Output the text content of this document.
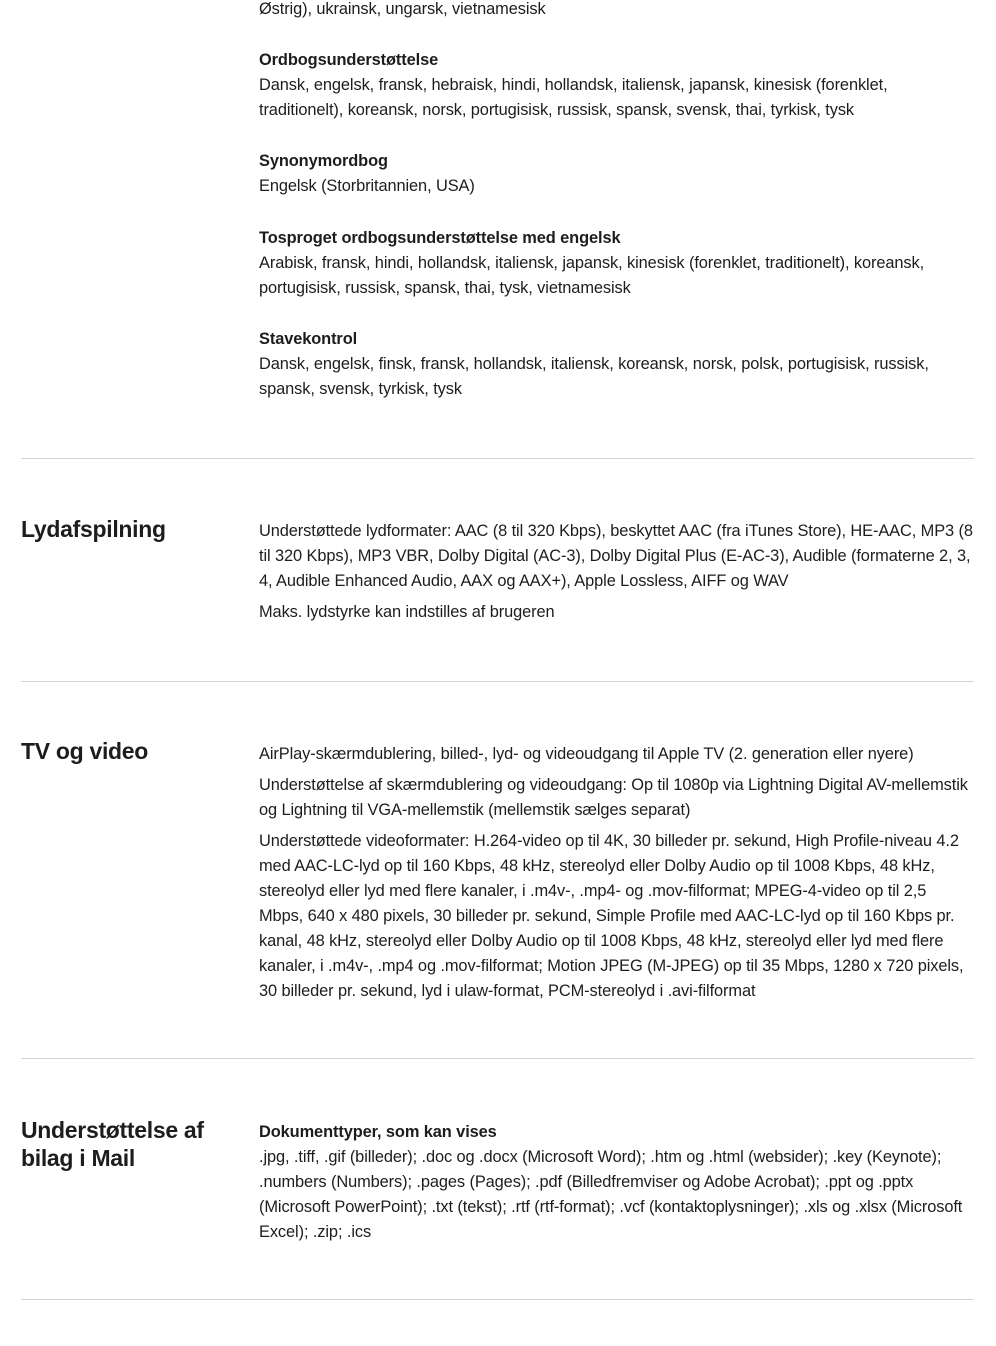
Østrig), ukrainsk, ungarsk, vietnamesisk
Ordbogsunderstøttelse
Dansk, engelsk, fransk, hebraisk, hindi, hollandsk, italiensk, japansk, kinesisk (forenklet, traditionelt), koreansk, norsk, portugisisk, russisk, spansk, svensk, thai, tyrkisk, tysk
Synonymordbog
Engelsk (Storbritannien, USA)
Tosproget ordbogsunderstøttelse med engelsk
Arabisk, fransk, hindi, hollandsk, italiensk, japansk, kinesisk (forenklet, traditionelt), koreansk, portugisisk, russisk, spansk, thai, tysk, vietnamesisk
Stavekontrol
Dansk, engelsk, finsk, fransk, hollandsk, italiensk, koreansk, norsk, polsk, portugisisk, russisk, spansk, svensk, tyrkisk, tysk
Lydafspilning	Understøttede lydformater: AAC (8 til 320 Kbps), beskyttet AAC (fra iTunes Store), HE-AAC, MP3 (8 til 320 Kbps), MP3 VBR, Dolby Digital (AC-3), Dolby Digital Plus (E-AC-3), Audible (formaterne 2, 3, 4, Audible Enhanced Audio, AAX og AAX+), Apple Lossless, AIFF og WAV
Maks. lydstyrke kan indstilles af brugeren
TV og video	AirPlay-skærmdublering, billed-, lyd- og videoudgang til Apple TV (2. generation eller nyere)
Understøttelse af skærmdublering og videoudgang: Op til 1080p via Lightning Digital AV-mellemstik og Lightning til VGA-mellemstik (mellemstik sælges separat)
Understøttede videoformater: H.264-video op til 4K, 30 billeder pr. sekund, High Profile-niveau 4.2 med AAC-LC-lyd op til 160 Kbps, 48 kHz, stereolyd eller Dolby Audio op til 1008 Kbps, 48 kHz, stereolyd eller lyd med flere kanaler, i .m4v-, .mp4- og .mov-filformat; MPEG-4-video op til 2,5 Mbps, 640 x 480 pixels, 30 billeder pr. sekund, Simple Profile med AAC-LC-lyd op til 160 Kbps pr. kanal, 48 kHz, stereolyd eller Dolby Audio op til 1008 Kbps, 48 kHz, stereolyd eller lyd med flere kanaler, i .m4v-, .mp4 og .mov-filformat; Motion JPEG (M-JPEG) op til 35 Mbps, 1280 x 720 pixels, 30 billeder pr. sekund, lyd i ulaw-format, PCM-stereolyd i .avi-filformat
Understøttelse af bilag i Mail
Dokumenttyper, som kan vises
.jpg, .tiff, .gif (billeder); .doc og .docx (Microsoft Word); .htm og .html (websider); .key (Keynote); .numbers (Numbers); .pages (Pages); .pdf (Billedfremviser og Adobe Acrobat); .ppt og .pptx (Microsoft PowerPoint); .txt (tekst); .rtf (rtf-format); .vcf (kontaktoplysninger); .xls og .xlsx (Microsoft Excel); .zip; .ics
